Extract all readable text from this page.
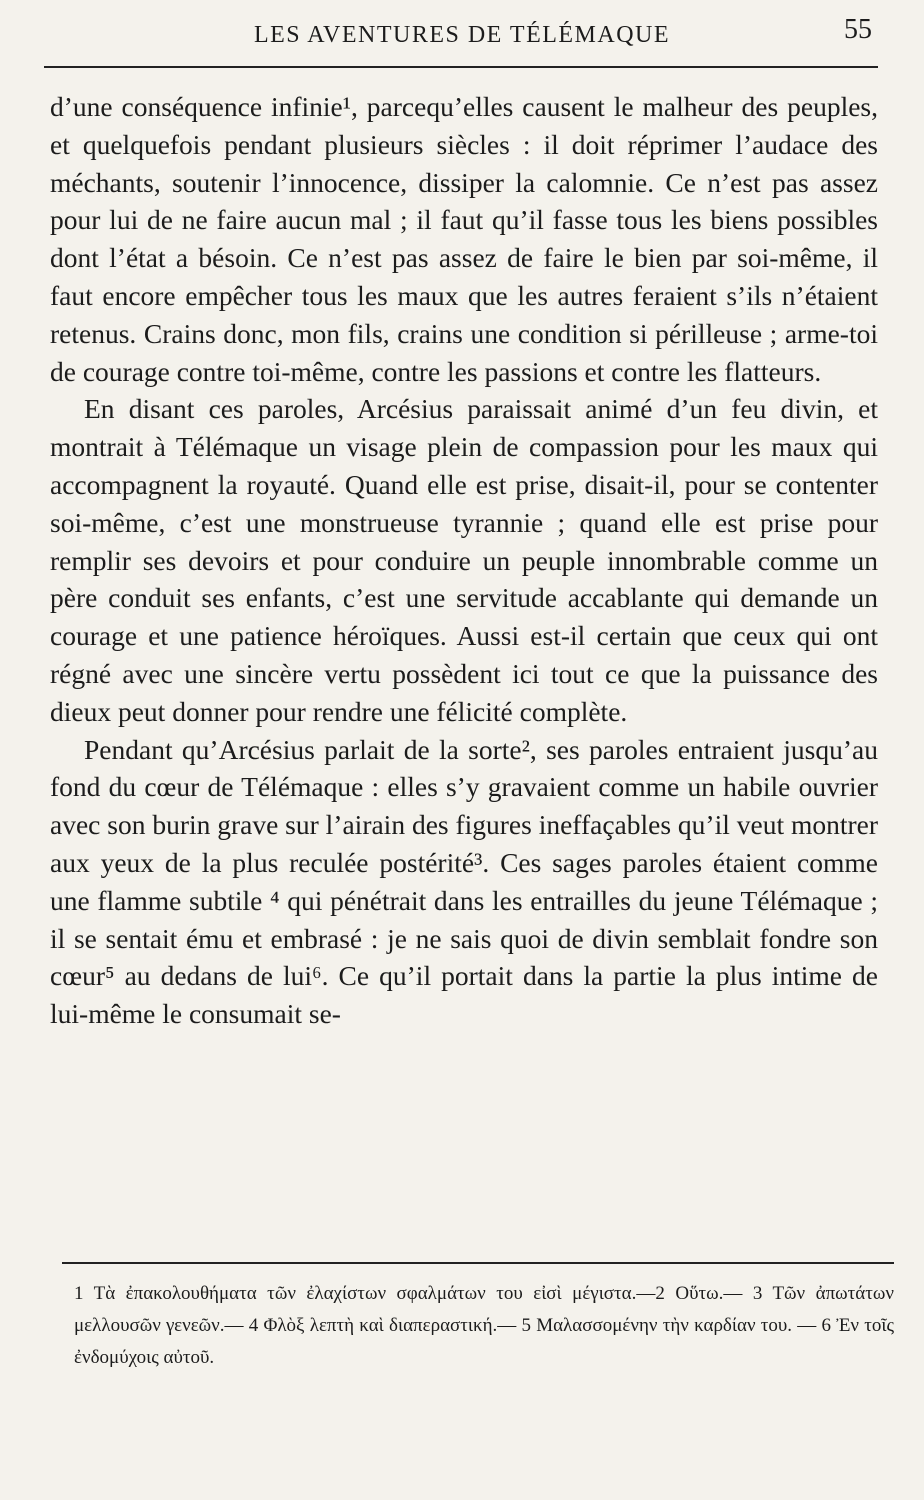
LES AVENTURES DE TÉLÉMAQUE	55

d’une conséquence infinie¹, parcequ’elles causent le malheur des peuples, et quelquefois pendant plusieurs siècles : il doit réprimer l’audace des méchants, soutenir l’innocence, dissiper la calomnie. Ce n’est pas assez pour lui de ne faire aucun mal ; il faut qu’il fasse tous les biens possibles dont l’état a bésoin. Ce n’est pas assez de faire le bien par soi-même, il faut encore empêcher tous les maux que les autres feraient s’ils n’étaient retenus. Crains donc, mon fils, crains une condition si périlleuse ; arme-toi de courage contre toi-même, contre les passions et contre les flatteurs.

En disant ces paroles, Arcésius paraissait animé d’un feu divin, et montrait à Télémaque un visage plein de compassion pour les maux qui accompagnent la royauté. Quand elle est prise, disait-il, pour se contenter soi-même, c’est une monstrueuse tyrannie ; quand elle est prise pour remplir ses devoirs et pour conduire un peuple innombrable comme un père conduit ses enfants, c’est une servitude accablante qui demande un courage et une patience héroïques. Aussi est-il certain que ceux qui ont régné avec une sincère vertu possèdent ici tout ce que la puissance des dieux peut donner pour rendre une félicité complète.

Pendant qu’Arcésius parlait de la sorte², ses paroles entraient jusqu’au fond du cœur de Télémaque : elles s’y gravaient comme un habile ouvrier avec son burin grave sur l’airain des figures ineffaçables qu’il veut montrer aux yeux de la plus reculée postérité³. Ces sages paroles étaient comme une flamme subtile ⁴ qui pénétrait dans les entrailles du jeune Télémaque ; il se sentait ému et embrasé : je ne sais quoi de divin semblait fondre son cœur⁵ au dedans de lui⁶. Ce qu’il portait dans la partie la plus intime de lui-même le consumait se-

1 Τὰ ἐπακολουθήματα τῶν ἐλαχίστων σφαλμάτων του εἰσὶ μέγιστα.—2 Οὕτω.— 3 Τῶν ἀπωτάτων μελλουσῶν γενεῶν.— 4 Φλὸξ λεπτὴ καὶ διαπεραστική.— 5 Μαλασσομένην τὴν καρδίαν του. — 6 Ἐν τοῖς ἐνδομύχοις αὐτοῦ.
